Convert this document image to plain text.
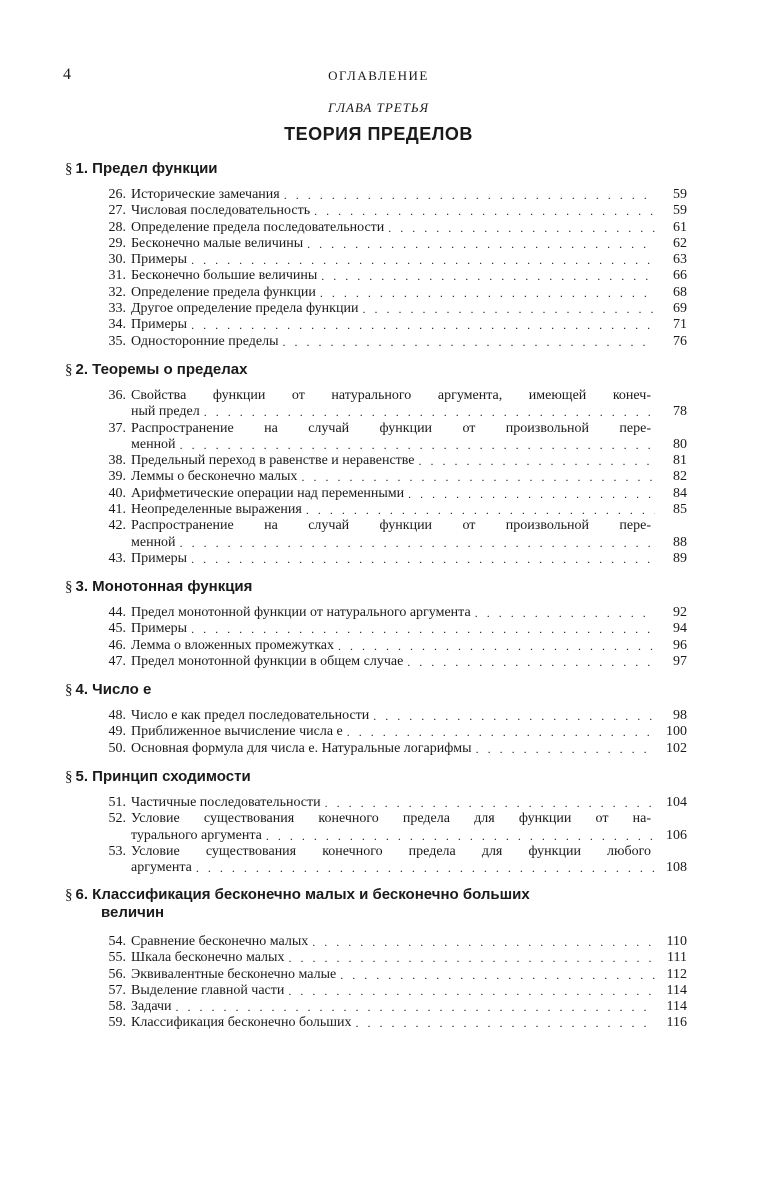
4	ОГЛАВЛЕНИЕ
ГЛАВА ТРЕТЬЯ
ТЕОРИЯ ПРЕДЕЛОВ
§ 1. Предел функции
26. Исторические замечания . . .	59
27. Числовая последовательность . . .	59
28. Определение предела последовательности . . .	61
29. Бесконечно малые величины . . .	62
30. Примеры . . .	63
31. Бесконечно большие величины . . .	66
32. Определение предела функции . . .	68
33. Другое определение предела функции . . .	69
34. Примеры . . .	71
35. Односторонние пределы . . .	76
§ 2. Теоремы о пределах
36. Свойства функции от натурального аргумента, имеющей конеч-
ный предел . . .	78
37. Распространение на случай функции от произвольной пере-
менной . . .	80
38. Предельный переход в равенстве и неравенстве . . .	81
39. Леммы о бесконечно малых . . .	82
40. Арифметические операции над переменными . . .	84
41. Неопределенные выражения . . .	85
42. Распространение на случай функции от произвольной пере-
менной . . .	88
43. Примеры . . .	89
§ 3. Монотонная функция
44. Предел монотонной функции от натурального аргумента . . .	92
45. Примеры . . .	94
46. Лемма о вложенных промежутках . . .	96
47. Предел монотонной функции в общем случае . . .	97
§ 4. Число e
48. Число e как предел последовательности . . .	98
49. Приближенное вычисление числа e . . .	100
50. Основная формула для числа e. Натуральные логарифмы . . .	102
§ 5. Принцип сходимости
51. Частичные последовательности . . .	104
52. Условие существования конечного предела для функции от на-
турального аргумента . . .	106
53. Условие существования конечного предела для функции любого
аргумента . . .	108
§ 6. Классификация бесконечно малых и бесконечно больших
величин
54. Сравнение бесконечно малых . . .	110
55. Шкала бесконечно малых . . .	111
56. Эквивалентные бесконечно малые . . .	112
57. Выделение главной части . . .	114
58. Задачи . . .	114
59. Классификация бесконечно больших . . .	116
